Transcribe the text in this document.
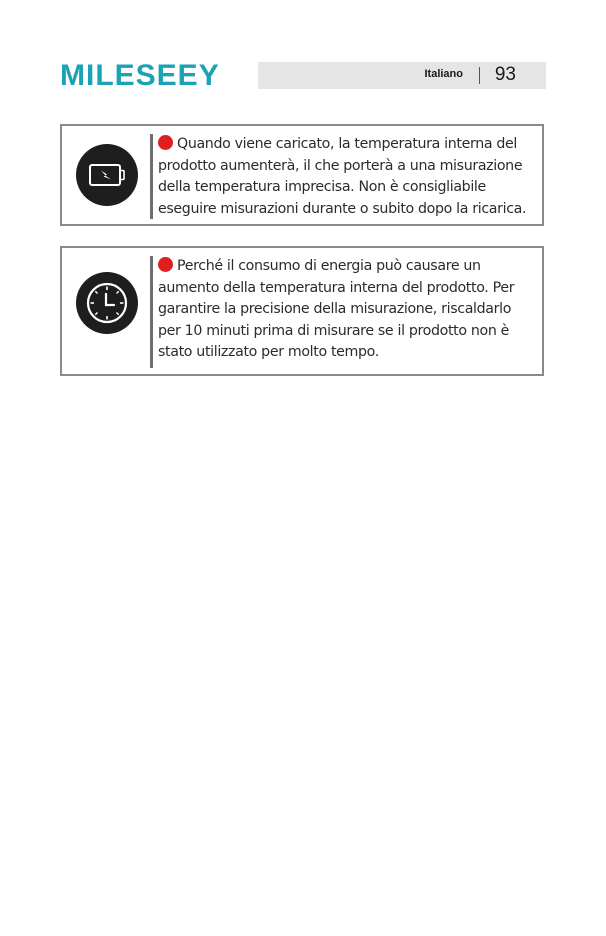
MILESEEY	Italiano 93
Quando viene caricato, la temperatura interna del prodotto aumenterà, il che porterà a una misurazione della temperatura imprecisa. Non è consigliabile eseguire misurazioni durante o subito dopo la ricarica.
Perché il consumo di energia può causare un aumento della temperatura interna del prodotto. Per garantire la precisione della misurazione, riscaldarlo per 10 minuti prima di misurare se il prodotto non è stato utilizzato per molto tempo.
